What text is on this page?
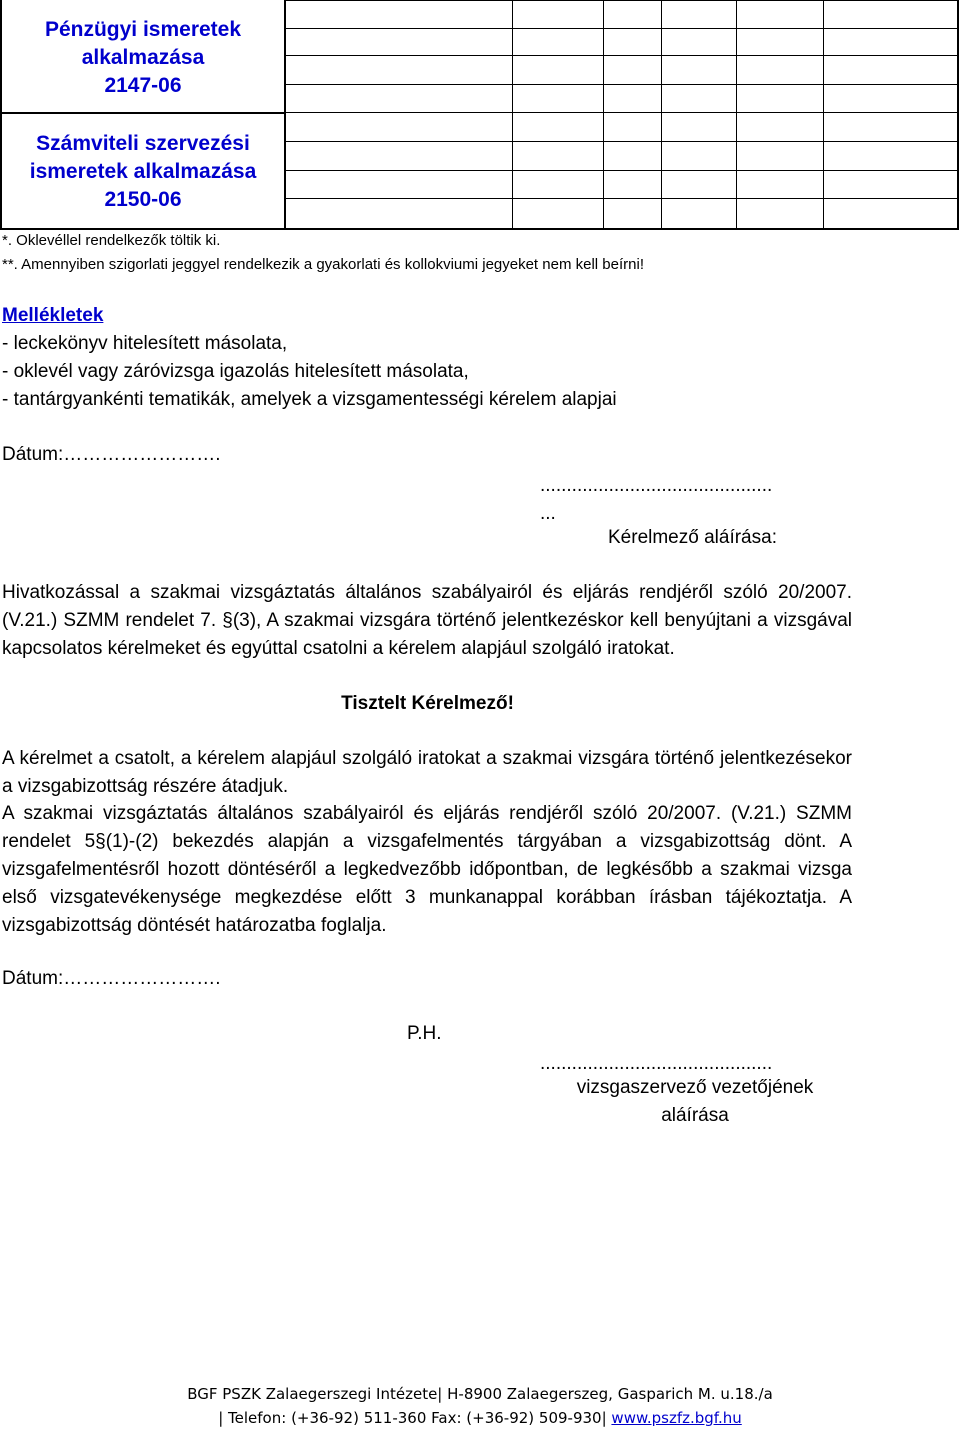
Pénzügyi ismeretek
alkalmazása
2147-06
Számviteli szervezési
ismeretek alkalmazása
2150-06
*. Oklevéllel rendelkezők töltik ki.
**. Amennyiben szigorlati jeggyel rendelkezik a gyakorlati és kollokviumi jegyeket nem kell beírni!
Mellékletek
- leckekönyv hitelesített másolata,
- oklevél vagy záróvizsga igazolás hitelesített másolata,
- tantárgyankénti tematikák, amelyek a vizsgamentességi kérelem alapjai
Dátum:…………………….
............................................
...
Kérelmező aláírása:
Hivatkozással a szakmai vizsgáztatás általános szabályairól és eljárás rendjéről szóló 20/2007. (V.21.) SZMM rendelet 7. §(3), A szakmai vizsgára történő jelentkezéskor kell benyújtani a vizsgával kapcsolatos kérelmeket és egyúttal csatolni a kérelem alapjául szolgáló iratokat.
Tisztelt Kérelmező!
A kérelmet a csatolt, a kérelem alapjául szolgáló iratokat a szakmai vizsgára történő jelentkezésekor a vizsgabizottság részére átadjuk.
A szakmai vizsgáztatás általános szabályairól és eljárás rendjéről szóló 20/2007. (V.21.) SZMM rendelet 5§(1)-(2) bekezdés alapján a vizsgafelmentés tárgyában a vizsgabizottság dönt. A vizsgafelmentésről hozott döntéséről a legkedvezőbb időpontban, de legkésőbb a szakmai vizsga első vizsgatevékenysége megkezdése előtt 3 munkanappal korábban írásban tájékoztatja. A vizsgabizottság döntését határozatba foglalja.
Dátum:…………………….
P.H.
............................................
vizsgaszervező vezetőjének
aláírása
BGF PSZK Zalaegerszegi Intézete| H-8900 Zalaegerszeg, Gasparich M. u.18./a
| Telefon: (+36-92) 511-360 Fax: (+36-92) 509-930| www.pszfz.bgf.hu
